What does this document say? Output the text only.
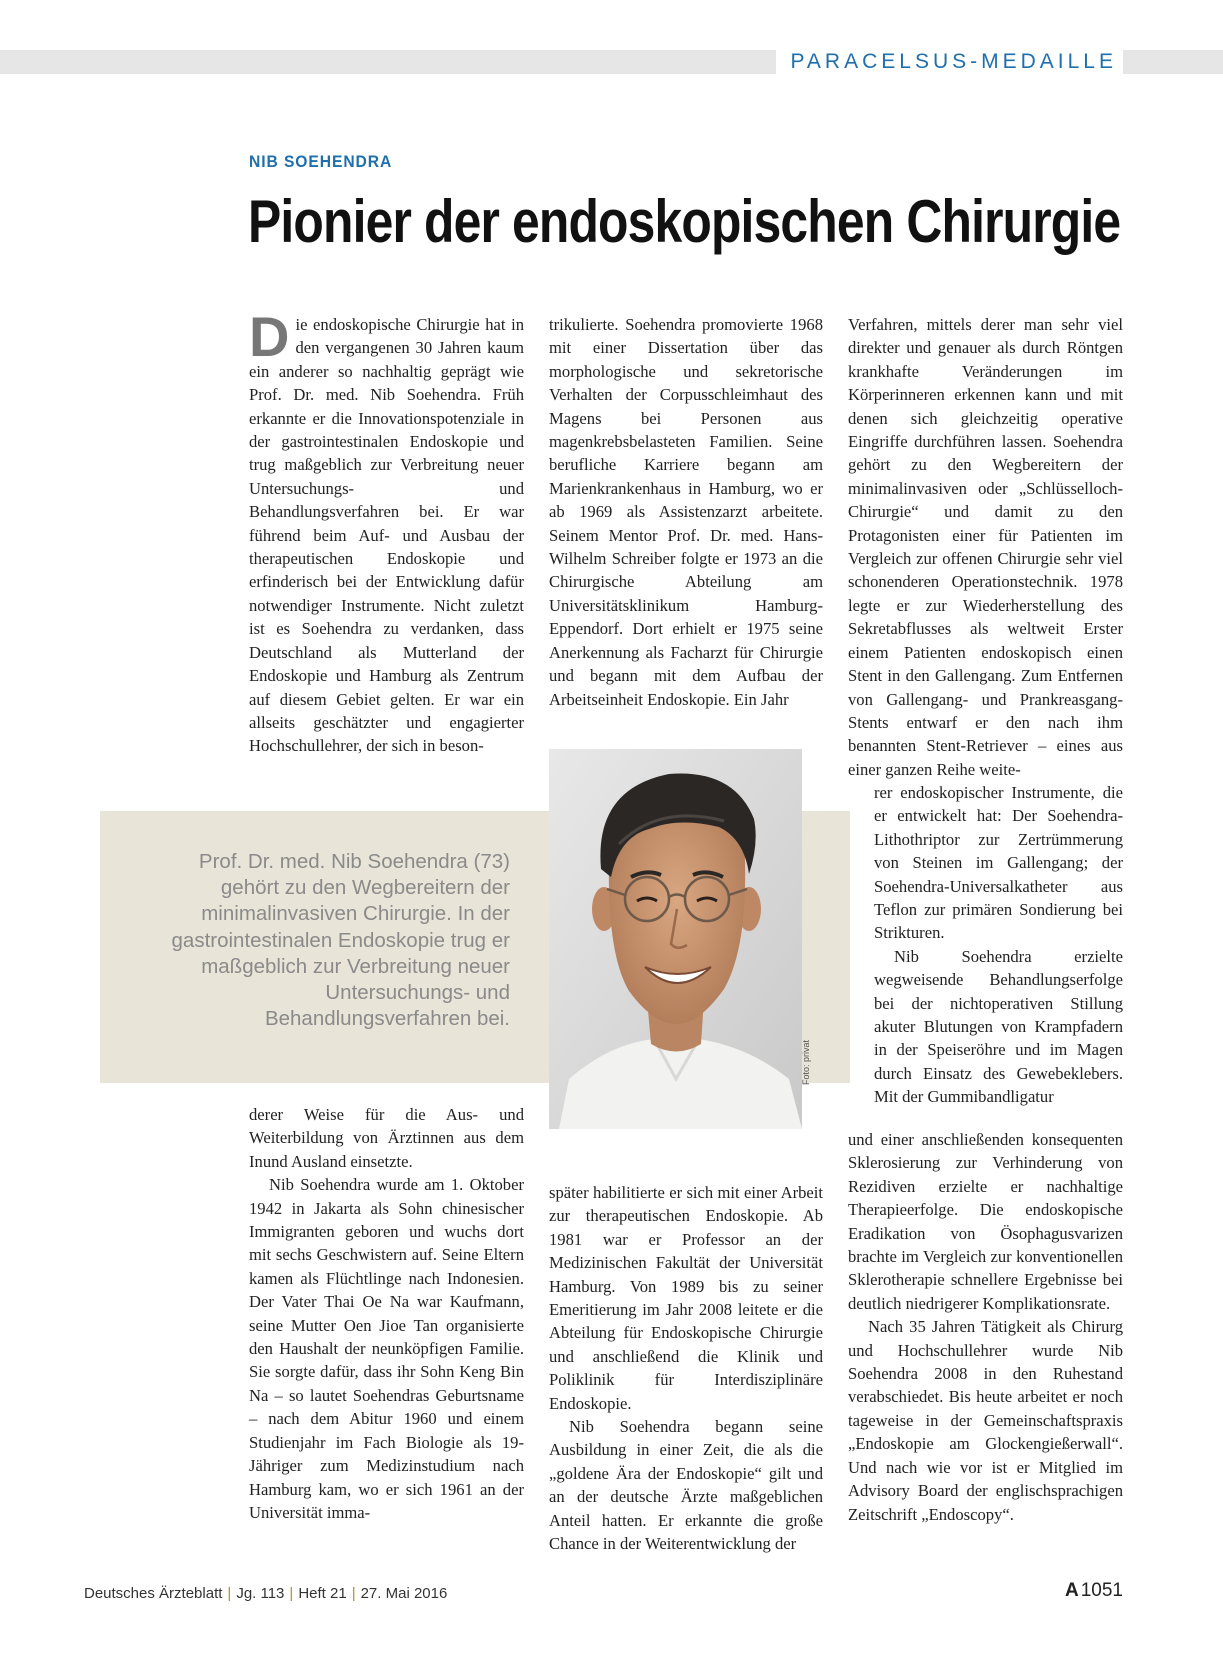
PARACELSUS-MEDAILLE
NIB SOEHENDRA
Pionier der endoskopischen Chirurgie

Die endoskopische Chirurgie hat in den vergangenen 30 Jahren kaum ein anderer so nachhaltig geprägt wie Prof. Dr. med. Nib Soehendra. Früh erkannte er die Innovationspotenziale in der gastrointestinalen Endoskopie und trug maßgeblich zur Verbreitung neuer Untersuchungs- und Behandlungsverfahren bei. Er war führend beim Auf- und Ausbau der therapeutischen Endoskopie und erfinderisch bei der Entwicklung dafür notwendiger Instrumente. Nicht zuletzt ist es Soehendra zu verdanken, dass Deutschland als Mutterland der Endoskopie und Hamburg als Zentrum auf diesem Gebiet gelten. Er war ein allseits geschätzter und engagierter Hochschullehrer, der sich in beson-

derer Weise für die Aus- und Weiterbildung von Ärztinnen aus dem Inund Ausland einsetzte.

Nib Soehendra wurde am 1. Oktober 1942 in Jakarta als Sohn chinesischer Immigranten geboren und wuchs dort mit sechs Geschwistern auf. Seine Eltern kamen als Flüchtlinge nach Indonesien. Der Vater Thai Oe Na war Kaufmann, seine Mutter Oen Jioe Tan organisierte den Haushalt der neunköpfigen Familie. Sie sorgte dafür, dass ihr Sohn Keng Bin Na – so lautet Soehendras Geburtsname – nach dem Abitur 1960 und einem Studienjahr im Fach Biologie als 19-Jähriger zum Medizinstudium nach Hamburg kam, wo er sich 1961 an der Universität imma-

trikulierte. Soehendra promovierte 1968 mit einer Dissertation über das morphologische und sekretorische Verhalten der Corpusschleimhaut des Magens bei Personen aus magenkrebsbelasteten Familien. Seine berufliche Karriere begann am Marienkrankenhaus in Hamburg, wo er ab 1969 als Assistenzarzt arbeitete. Seinem Mentor Prof. Dr. med. Hans-Wilhelm Schreiber folgte er 1973 an die Chirurgische Abteilung am Universitätsklinikum Hamburg-Eppendorf. Dort erhielt er 1975 seine Anerkennung als Facharzt für Chirurgie und begann mit dem Aufbau der Arbeitseinheit Endoskopie. Ein Jahr

später habilitierte er sich mit einer Arbeit zur therapeutischen Endoskopie. Ab 1981 war er Professor an der Medizinischen Fakultät der Universität Hamburg. Von 1989 bis zu seiner Emeritierung im Jahr 2008 leitete er die Abteilung für Endoskopische Chirurgie und anschließend die Klinik und Poliklinik für Interdisziplinäre Endoskopie.

Nib Soehendra begann seine Ausbildung in einer Zeit, die als die „goldene Ära der Endoskopie“ gilt und an der deutsche Ärzte maßgeblichen Anteil hatten. Er erkannte die große Chance in der Weiterentwicklung der

Verfahren, mittels derer man sehr viel direkter und genauer als durch Röntgen krankhafte Veränderungen im Körperinneren erkennen kann und mit denen sich gleichzeitig operative Eingriffe durchführen lassen. Soehendra gehört zu den Wegbereitern der minimalinvasiven oder „Schlüsselloch-Chirurgie“ und damit zu den Protagonisten einer für Patienten im Vergleich zur offenen Chirurgie sehr viel schonenderen Operationstechnik. 1978 legte er zur Wiederherstellung des Sekretabflusses als weltweit Erster einem Patienten endoskopisch einen Stent in den Gallengang. Zum Entfernen von Gallengang- und Prankreasgang-Stents entwarf er den nach ihm benannten Stent-Retriever – eines aus einer ganzen Reihe weite-

rer endoskopischer Instrumente, die er entwickelt hat: Der Soehendra-Lithothriptor zur Zertrümmerung von Steinen im Gallengang; der Soehendra-Universalkatheter aus Teflon zur primären Sondierung bei Strikturen.

Nib Soehendra erzielte wegweisende Behandlungserfolge bei der nichtoperativen Stillung akuter Blutungen von Krampfadern in der Speiseröhre und im Magen durch Einsatz des Gewebeklebers. Mit der Gummibandligatur

und einer anschließenden konsequenten Sklerosierung zur Verhinderung von Rezidiven erzielte er nachhaltige Therapieerfolge. Die endoskopische Eradikation von Ösophagusvarizen brachte im Vergleich zur konventionellen Sklerotherapie schnellere Ergebnisse bei deutlich niedrigerer Komplikationsrate.

Nach 35 Jahren Tätigkeit als Chirurg und Hochschullehrer wurde Nib Soehendra 2008 in den Ruhestand verabschiedet. Bis heute arbeitet er noch tageweise in der Gemeinschaftspraxis „Endoskopie am Glockengießerwall“. Und nach wie vor ist er Mitglied im Advisory Board der englischsprachigen Zeitschrift „Endoscopy“.

Prof. Dr. med. Nib Soehendra (73) gehört zu den Wegbereitern der minimalinvasiven Chirurgie. In der gastrointestinalen Endoskopie trug er maßgeblich zur Verbreitung neuer Untersuchungs- und Behandlungsverfahren bei.
Foto: privat
Deutsches Ärzteblatt | Jg. 113 | Heft 21 | 27. Mai 2016	A 1051
